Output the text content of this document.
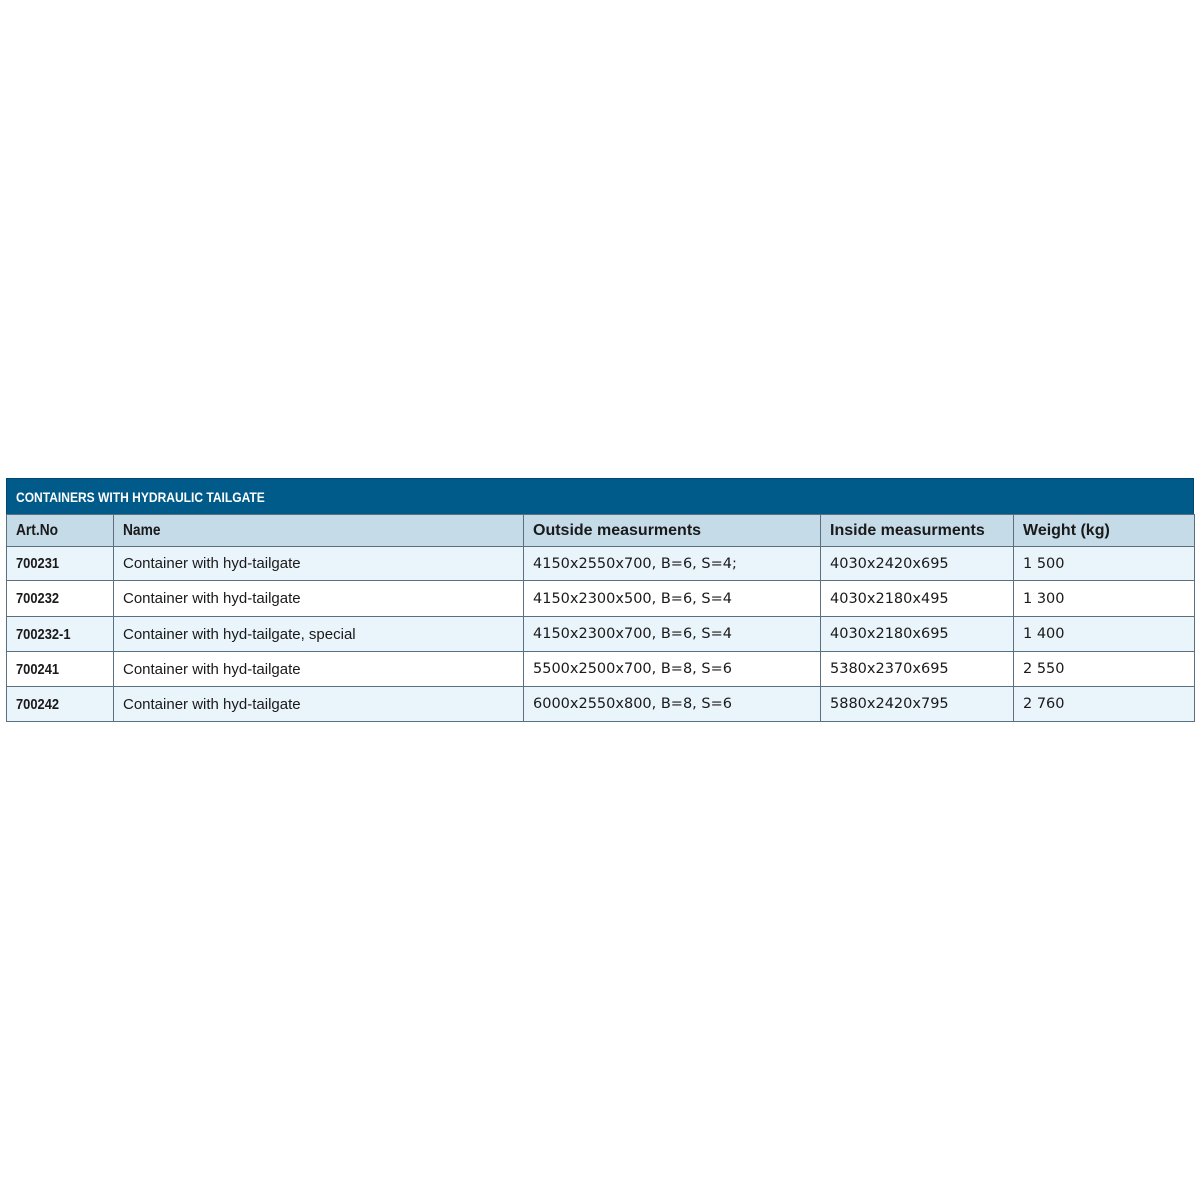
CONTAINERS WITH HYDRAULIC TAILGATE
Art.No	Name	Outside measurments	Inside measurments	Weight (kg)
700231	Container with hyd-tailgate	4150x2550x700, B=6, S=4;	4030x2420x695	1 500
700232	Container with hyd-tailgate	4150x2300x500, B=6, S=4	4030x2180x495	1 300
700232-1	Container with hyd-tailgate, special	4150x2300x700, B=6, S=4	4030x2180x695	1 400
700241	Container with hyd-tailgate	5500x2500x700, B=8, S=6	5380x2370x695	2 550
700242	Container with hyd-tailgate	6000x2550x800, B=8, S=6	5880x2420x795	2 760
